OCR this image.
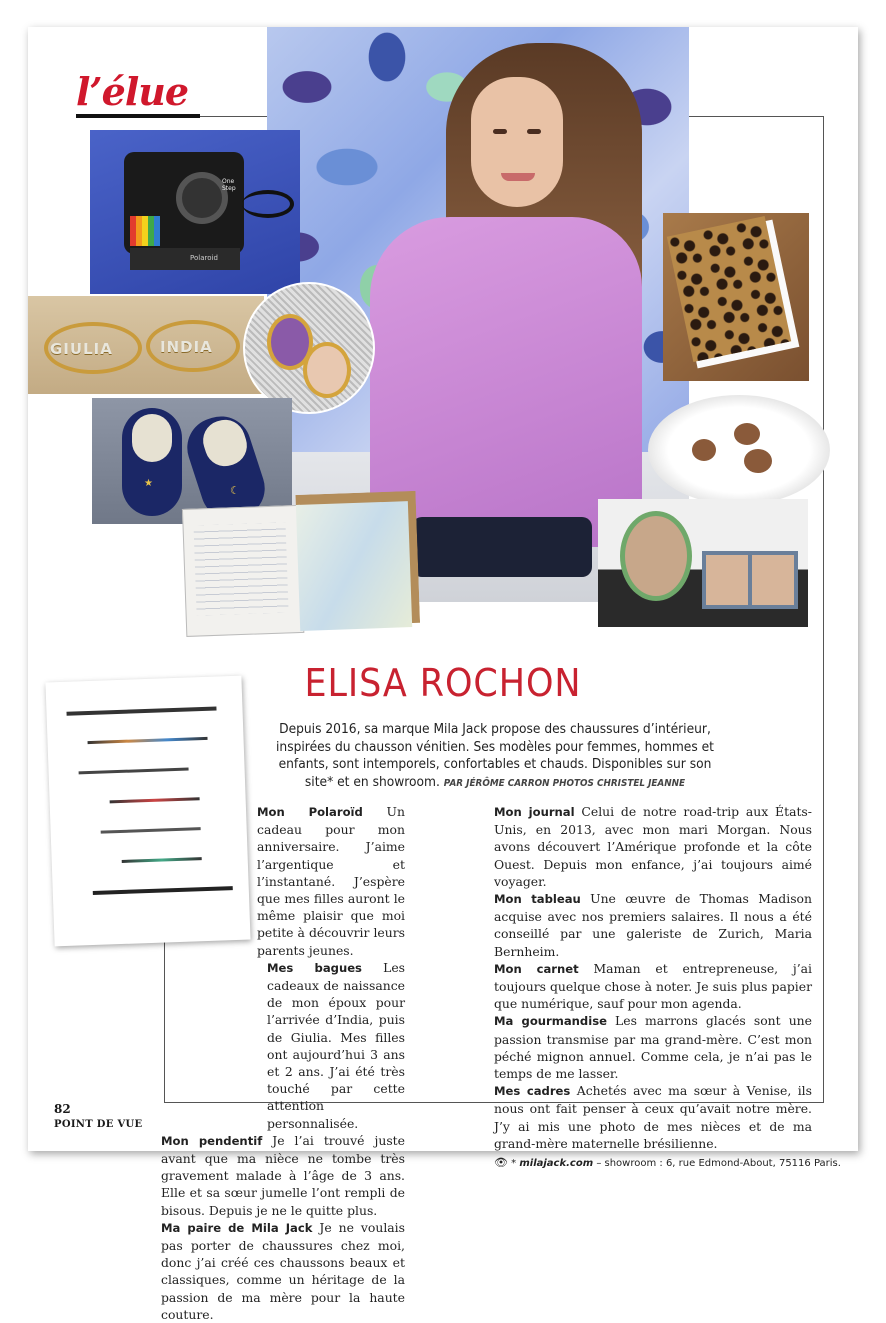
l’élue
Polaroid
One Step
GIULIA	INDIA
★
☾
ELISA ROCHON
Depuis 2016, sa marque Mila Jack propose des chaussures d’intérieur, inspirées du chausson vénitien. Ses modèles pour femmes, hommes et enfants, sont intemporels, confortables et chauds. Disponibles sur son site* et en showroom. PAR JÉRÔME CARRON PHOTOS CHRISTEL JEANNE

Mon Polaroïd Un cadeau pour mon anniversaire. J’aime l’argentique et l’instantané. J’espère que mes filles auront le même plaisir que moi petite à découvrir leurs parents jeunes.

Mes bagues Les cadeaux de naissance de mon époux pour l’arrivée d’India, puis de Giulia. Mes filles ont aujourd’hui 3 ans et 2 ans. J’ai été très touché par cette attention personnalisée.

Mon pendentif Je l’ai trouvé juste avant que ma nièce ne tombe très gravement malade à l’âge de 3 ans. Elle et sa sœur jumelle l’ont rempli de bisous. Depuis je ne le quitte plus.

Ma paire de Mila Jack Je ne voulais pas porter de chaussures chez moi, donc j’ai créé ces chaussons beaux et classiques, comme un héritage de la passion de ma mère pour la haute couture.

Mon journal Celui de notre road-trip aux États-Unis, en 2013, avec mon mari Morgan. Nous avons découvert l’Amérique profonde et la côte Ouest. Depuis mon enfance, j’ai toujours aimé voyager.

Mon tableau Une œuvre de Thomas Madison acquise avec nos premiers salaires. Il nous a été conseillé par une galeriste de Zurich, Maria Bernheim.

Mon carnet Maman et entrepreneuse, j’ai toujours quelque chose à noter. Je suis plus papier que numérique, sauf pour mon agenda.

Ma gourmandise Les marrons glacés sont une passion transmise par ma grand-mère. C’est mon péché mignon annuel. Comme cela, je n’ai pas le temps de me lasser.

Mes cadres Achetés avec ma sœur à Venise, ils nous ont fait penser à ceux qu’avait notre mère. J’y ai mis une photo de mes nièces et de ma grand-mère maternelle brésilienne.

👁 * milajack.com – showroom : 6, rue Edmond-About, 75116 Paris.

82
POINT DE VUE
